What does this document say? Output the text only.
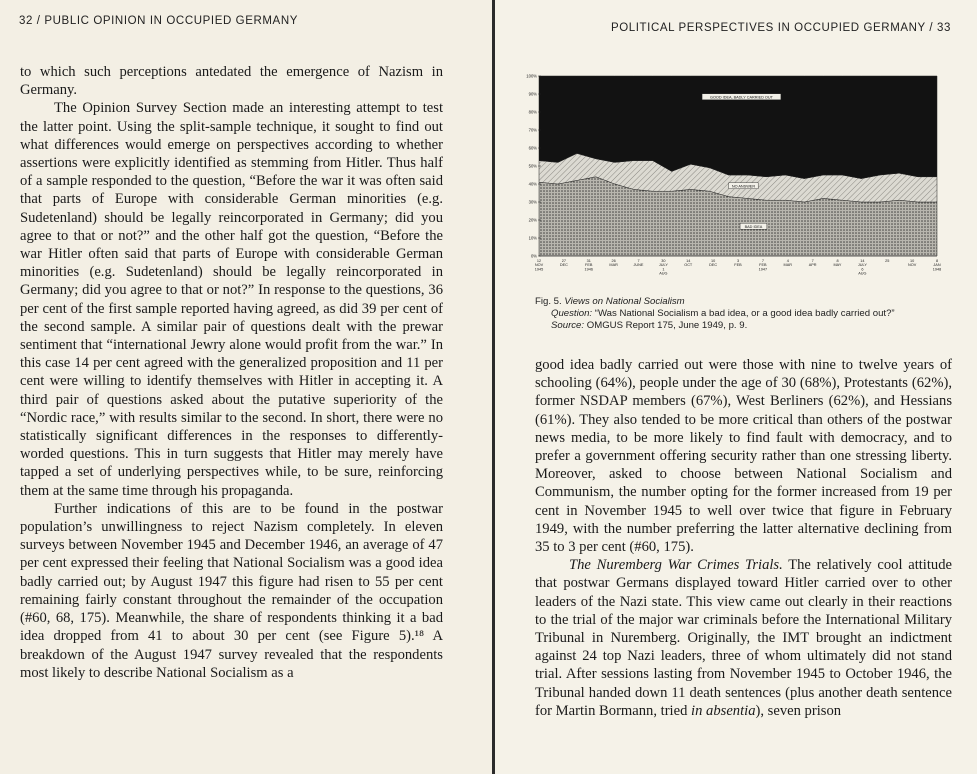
32 / PUBLIC OPINION IN OCCUPIED GERMANY

to which such perceptions antedated the emergence of Nazism in Germany.

The Opinion Survey Section made an interesting attempt to test the latter point. Using the split-sample technique, it sought to find out what differences would emerge on perspectives according to whether assertions were explicitly identified as stemming from Hitler. Thus half of a sample responded to the question, “Before the war it was often said that parts of Europe with considerable German minorities (e.g. Sudetenland) should be legally reincorporated in Germany; did you agree to that or not?” and the other half got the question, “Before the war Hitler often said that parts of Europe with considerable German minorities (e.g. Sudetenland) should be legally reincorporated in Germany; did you agree to that or not?” In response to the questions, 36 per cent of the first sample reported having agreed, as did 39 per cent of the second sample. A similar pair of questions dealt with the prewar sentiment that “international Jewry alone would profit from the war.” In this case 14 per cent agreed with the generalized proposition and 11 per cent were willing to identify themselves with Hitler in accepting it. A third pair of questions asked about the putative superiority of the “Nordic race,” with results similar to the second. In short, there were no statistically significant differences in the responses to differently-worded questions. This in turn suggests that Hitler may merely have tapped a set of underlying perspectives while, to be sure, reinforcing them at the same time through his propaganda.

Further indications of this are to be found in the postwar population’s unwillingness to reject Nazism completely. In eleven surveys between November 1945 and December 1946, an average of 47 per cent expressed their feeling that National Socialism was a good idea badly carried out; by August 1947 this figure had risen to 55 per cent remaining fairly constant throughout the remainder of the occupation (#60, 68, 175). Meanwhile, the share of respondents thinking it a bad idea dropped from 41 to about 30 per cent (see Figure 5).¹⁸ A breakdown of the August 1947 survey revealed that the respondents most likely to describe National Socialism as a

POLITICAL PERSPECTIVES IN OCCUPIED GERMANY / 33
0%
10%
20%
30%
40%
50%
60%
70%
80%
90%
100%
12 NOV 1945
27 DEC
31 FEB 1946
26 MAR
7 JUNE
30 JULY 1 AUG
14 OCT
10 DEC
3 FEB
7 FEB 1947
4 MAR
7 APR
8 MAY
14 JULY 6 AUG
25	10 NOV
8 JAN 1948
BAD IDEA
NO ANSWER
GOOD IDEA, BADLY CARRIED OUT
Fig. 5. Views on National Socialism
Question: “Was National Socialism a bad idea, or a good idea badly carried out?”
Source: OMGUS Report 175, June 1949, p. 9.

good idea badly carried out were those with nine to twelve years of schooling (64%), people under the age of 30 (68%), Protestants (62%), former NSDAP members (67%), West Berliners (62%), and Hessians (61%). They also tended to be more critical than others of the postwar news media, to be more likely to find fault with democracy, and to prefer a government offering security rather than one stressing liberty. Moreover, asked to choose between National Socialism and Communism, the number opting for the former increased from 19 per cent in November 1945 to well over twice that figure in February 1949, with the number preferring the latter alternative declining from 35 to 3 per cent (#60, 175).

The Nuremberg War Crimes Trials. The relatively cool attitude that postwar Germans displayed toward Hitler carried over to other leaders of the Nazi state. This view came out clearly in their reactions to the trial of the major war criminals before the International Military Tribunal in Nuremberg. Originally, the IMT brought an indictment against 24 top Nazi leaders, three of whom ultimately did not stand trial. After sessions lasting from November 1945 to October 1946, the Tribunal handed down 11 death sentences (plus another death sentence for Martin Bormann, tried in absentia), seven prison
